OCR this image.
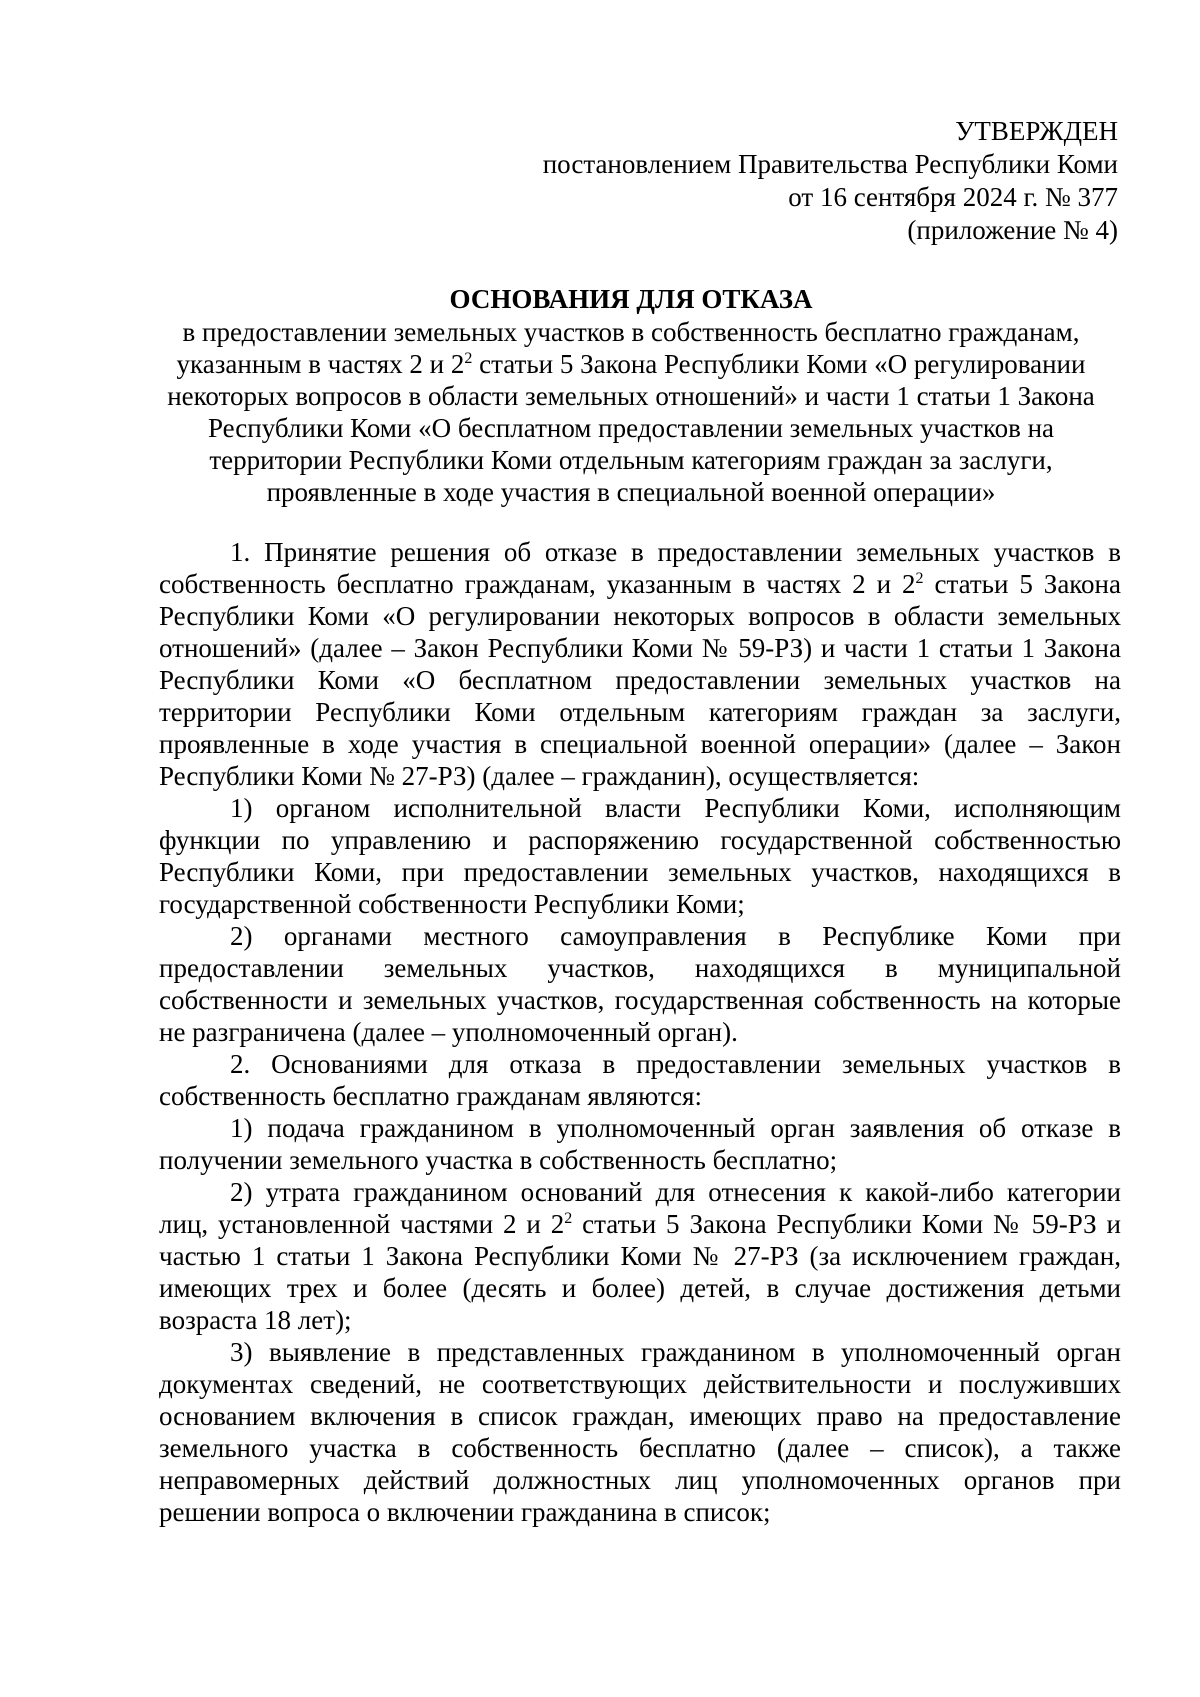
УТВЕРЖДЕН
постановлением Правительства Республики Коми
от 16 сентября 2024 г. № 377
(приложение № 4)
ОСНОВАНИЯ ДЛЯ ОТКАЗА
в предоставлении земельных участков в собственность бесплатно гражданам, указанным в частях 2 и $2^2$ статьи 5 Закона Республики Коми «О регулировании некоторых вопросов в области земельных отношений» и части 1 статьи 1 Закона Республики Коми «О бесплатном предоставлении земельных участков на территории Республики Коми отдельным категориям граждан за заслуги, проявленные в ходе участия в специальной военной операции»

1. Принятие решения об отказе в предоставлении земельных участков в собственность бесплатно гражданам, указанным в частях 2 и $2^2$ статьи 5 Закона Республики Коми «О регулировании некоторых вопросов в области земельных отношений» (далее – Закон Республики Коми № 59-РЗ) и части 1 статьи 1 Закона Республики Коми «О бесплатном предоставлении земельных участков на территории Республики Коми отдельным категориям граждан за заслуги, проявленные в ходе участия в специальной военной операции» (далее – Закон Республики Коми № 27-РЗ) (далее – гражданин), осуществляется:

1) органом исполнительной власти Республики Коми, исполняющим функции по управлению и распоряжению государственной собственностью Республики Коми, при предоставлении земельных участков, находящихся в государственной собственности Республики Коми;

2) органами местного самоуправления в Республике Коми при предоставлении земельных участков, находящихся в муниципальной собственности и земельных участков, государственная собственность на которые не разграничена (далее – уполномоченный орган).

2. Основаниями для отказа в предоставлении земельных участков в собственность бесплатно гражданам являются:

1) подача гражданином в уполномоченный орган заявления об отказе в получении земельного участка в собственность бесплатно;

2) утрата гражданином оснований для отнесения к какой-либо категории лиц, установленной частями 2 и $2^2$ статьи 5 Закона Республики Коми № 59-РЗ и частью 1 статьи 1 Закона Республики Коми № 27-РЗ (за исключением граждан, имеющих трех и более (десять и более) детей, в случае достижения детьми возраста 18 лет);

3) выявление в представленных гражданином в уполномоченный орган документах сведений, не соответствующих действительности и послуживших основанием включения в список граждан, имеющих право на предоставление земельного участка в собственность бесплатно (далее – список), а также неправомерных действий должностных лиц уполномоченных органов при решении вопроса о включении гражданина в список;
